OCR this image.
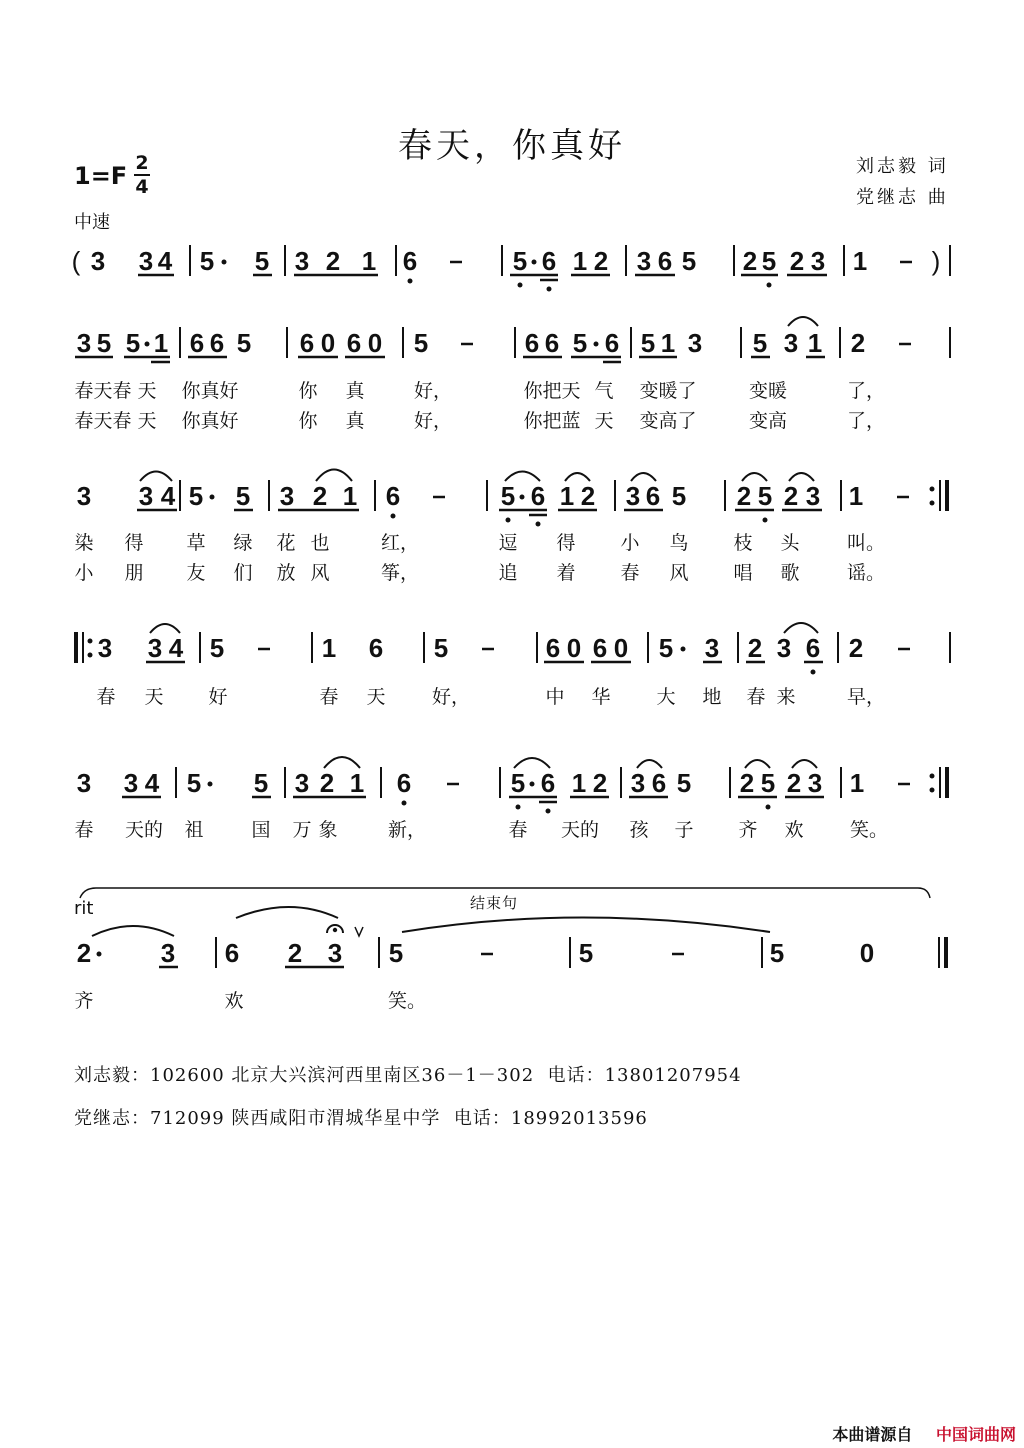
春天，你真好
刘志毅 词
党继志 曲
1=F 2
4
中速
( 3 3 4 5 5 3 2 1 6	5 6 1 2 3 6 5 2 5 2 3 1 )
3 5 5 1 6 6 5 6 0 6 0 5	6 6 5 6 5 1 3 5 3 1 2
3 3 4 5 5 3 2 1 6	5 6 1 2 3 6 5 2 5 2 3 1
3 3 4 5	1 6 5	6 0 6 0 5 3 2 3 6 2
3 3 4 5 5 3 2 1 6	5 6 1 2 3 6 5 2 5 2 3 1
2	3 6 2 3 5	5	5	0
rit	结束句
春天春 天 你真好	你 真	好，	你把天 气 变暖了	变暖	了，
春天春 天 你真好	你 真	好，	你把蓝 天 变高了	变高	了，
染 得 草 绿 花 也	红，	逗 得 小 鸟 枝 头 叫。
小 朋 友 们 放 风	筝，	追 着 春 风 唱 歌 谣。
春 天 好	春 天 好，	中 华 大 地 春 来	早，
春 天的 祖	国 万 象	新，	春 天的 孩 子 齐 欢 笑。
齐	欢	笑。
刘志毅：102600 北京大兴滨河西里南区36－1－302  电话：13801207954
党继志：712099 陕西咸阳市渭城华星中学  电话：18992013596
本曲谱源自 中国词曲网
